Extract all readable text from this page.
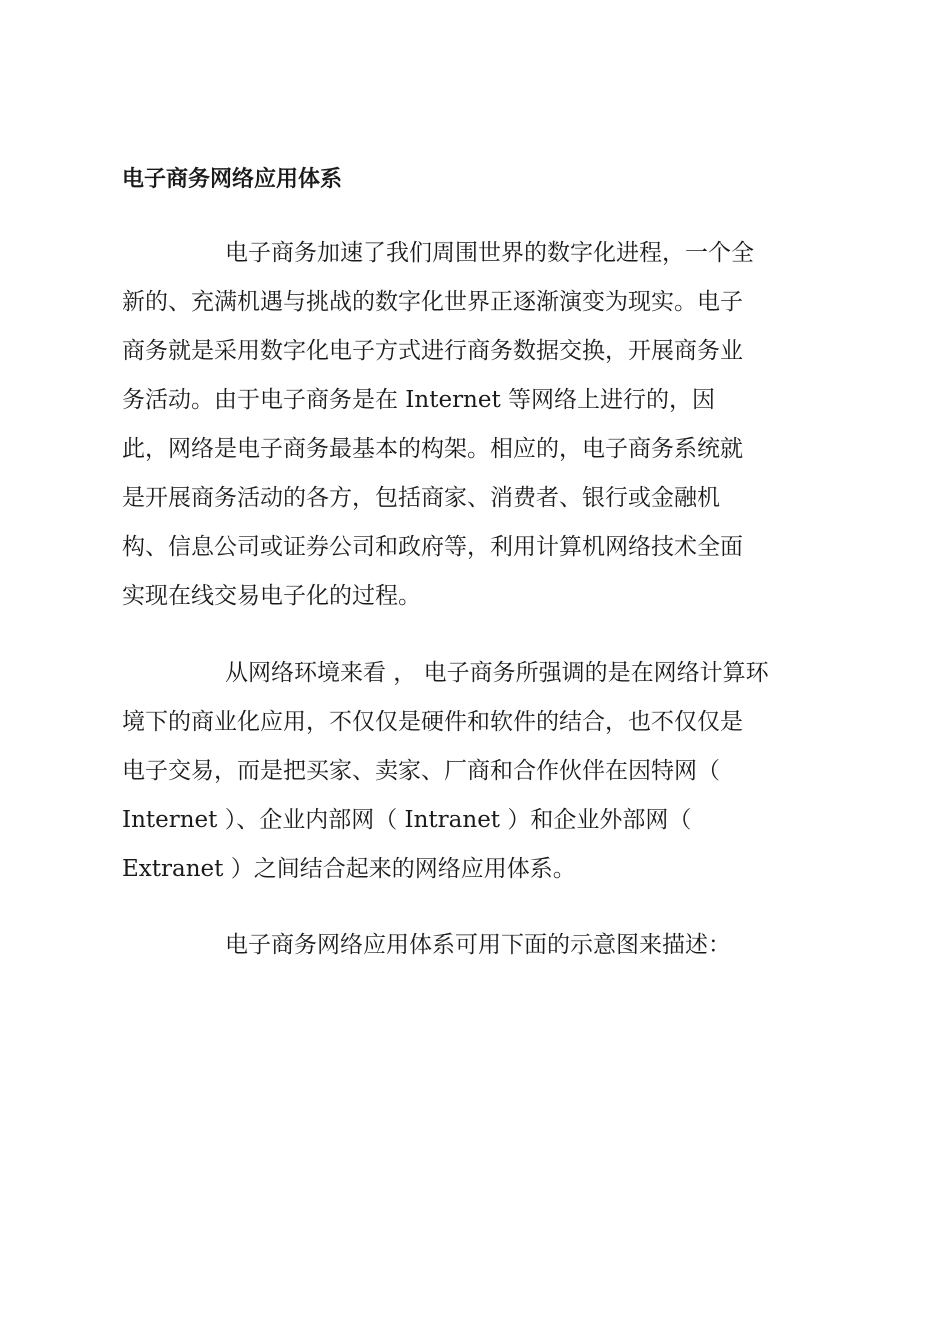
电子商务网络应用体系
电子商务加速了我们周围世界的数字化进程，一个全
新的、充满机遇与挑战的数字化世界正逐渐演变为现实。电子
商务就是采用数字化电子方式进行商务数据交换，开展商务业
务活动。由于电子商务是在 Internet 等网络上进行的，因
此，网络是电子商务最基本的构架。相应的，电子商务系统就
是开展商务活动的各方，包括商家、消费者、银行或金融机
构、信息公司或证券公司和政府等，利用计算机网络技术全面
实现在线交易电子化的过程。
从网络环境来看 ， 电子商务所强调的是在网络计算环
境下的商业化应用，不仅仅是硬件和软件的结合，也不仅仅是
电子交易，而是把买家、卖家、厂商和合作伙伴在因特网（
Internet ）、企业内部网（ Intranet ）和企业外部网（
Extranet ）之间结合起来的网络应用体系。
电子商务网络应用体系可用下面的示意图来描述：
